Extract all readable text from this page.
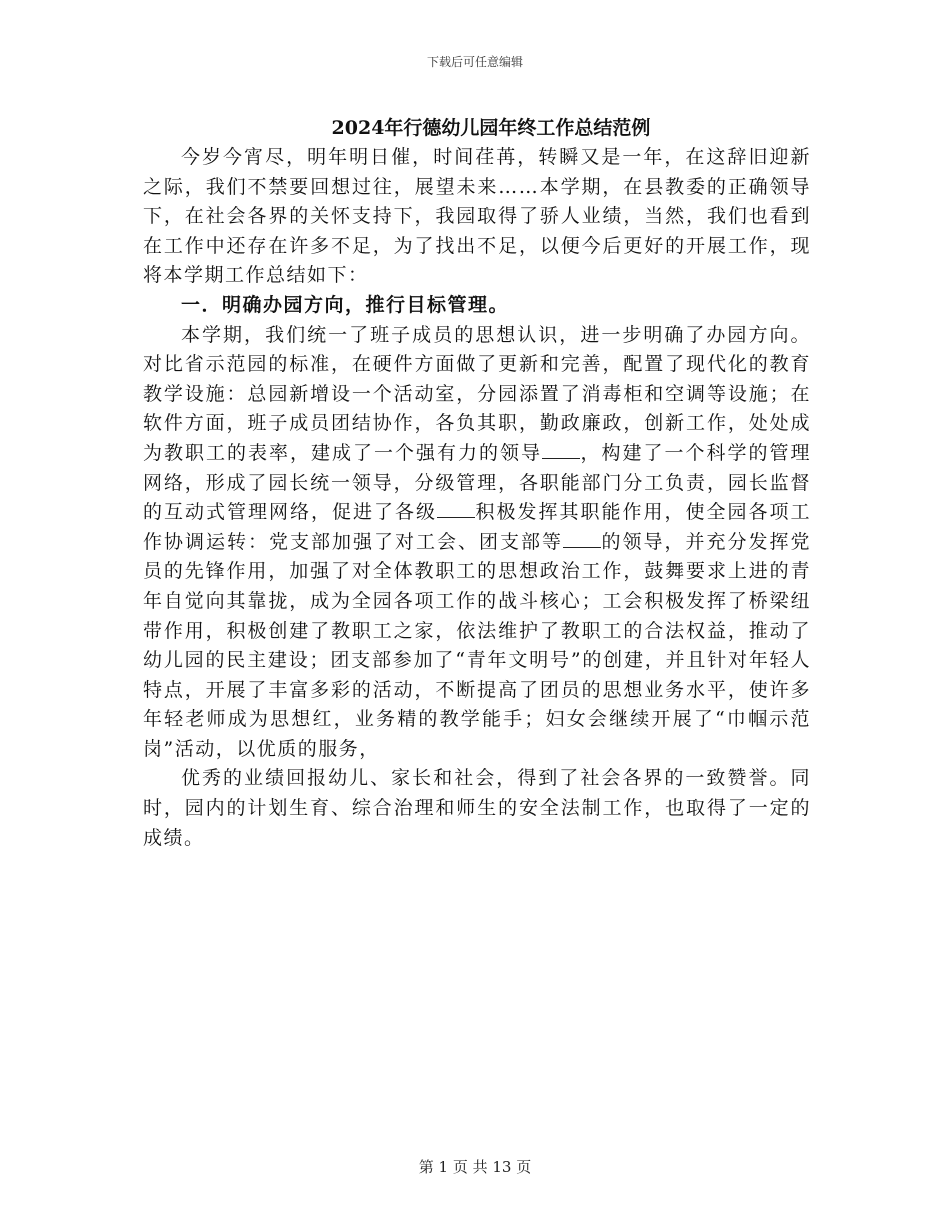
下载后可任意编辑
2024年行德幼儿园年终工作总结范例

今岁今宵尽，明年明日催，时间荏苒，转瞬又是一年，在这辞旧迎新之际，我们不禁要回想过往，展望未来……本学期，在县教委的正确领导下，在社会各界的关怀支持下，我园取得了骄人业绩，当然，我们也看到在工作中还存在许多不足，为了找出不足，以便今后更好的开展工作，现将本学期工作总结如下：

一．明确办园方向，推行目标管理。

本学期，我们统一了班子成员的思想认识，进一步明确了办园方向。对比省示范园的标准，在硬件方面做了更新和完善，配置了现代化的教育教学设施：总园新增设一个活动室，分园添置了消毒柜和空调等设施；在软件方面，班子成员团结协作，各负其职，勤政廉政，创新工作，处处成为教职工的表率，建成了一个强有力的领导 ，构建了一个科学的管理网络，形成了园长统一领导，分级管理，各职能部门分工负责，园长监督的互动式管理网络，促进了各级 积极发挥其职能作用，使全园各项工作协调运转：党支部加强了对工会、团支部等 的领导，并充分发挥党员的先锋作用，加强了对全体教职工的思想政治工作，鼓舞要求上进的青年自觉向其靠拢，成为全园各项工作的战斗核心；工会积极发挥了桥梁纽带作用，积极创建了教职工之家，依法维护了教职工的合法权益，推动了幼儿园的民主建设；团支部参加了“青年文明号”的创建，并且针对年轻人特点，开展了丰富多彩的活动，不断提高了团员的思想业务水平，使许多年轻老师成为思想红，业务精的教学能手；妇女会继续开展了“巾帼示范岗”活动，以优质的服务，

优秀的业绩回报幼儿、家长和社会，得到了社会各界的一致赞誉。同时，园内的计划生育、综合治理和师生的安全法制工作，也取得了一定的成绩。

第 1 页 共 13 页
